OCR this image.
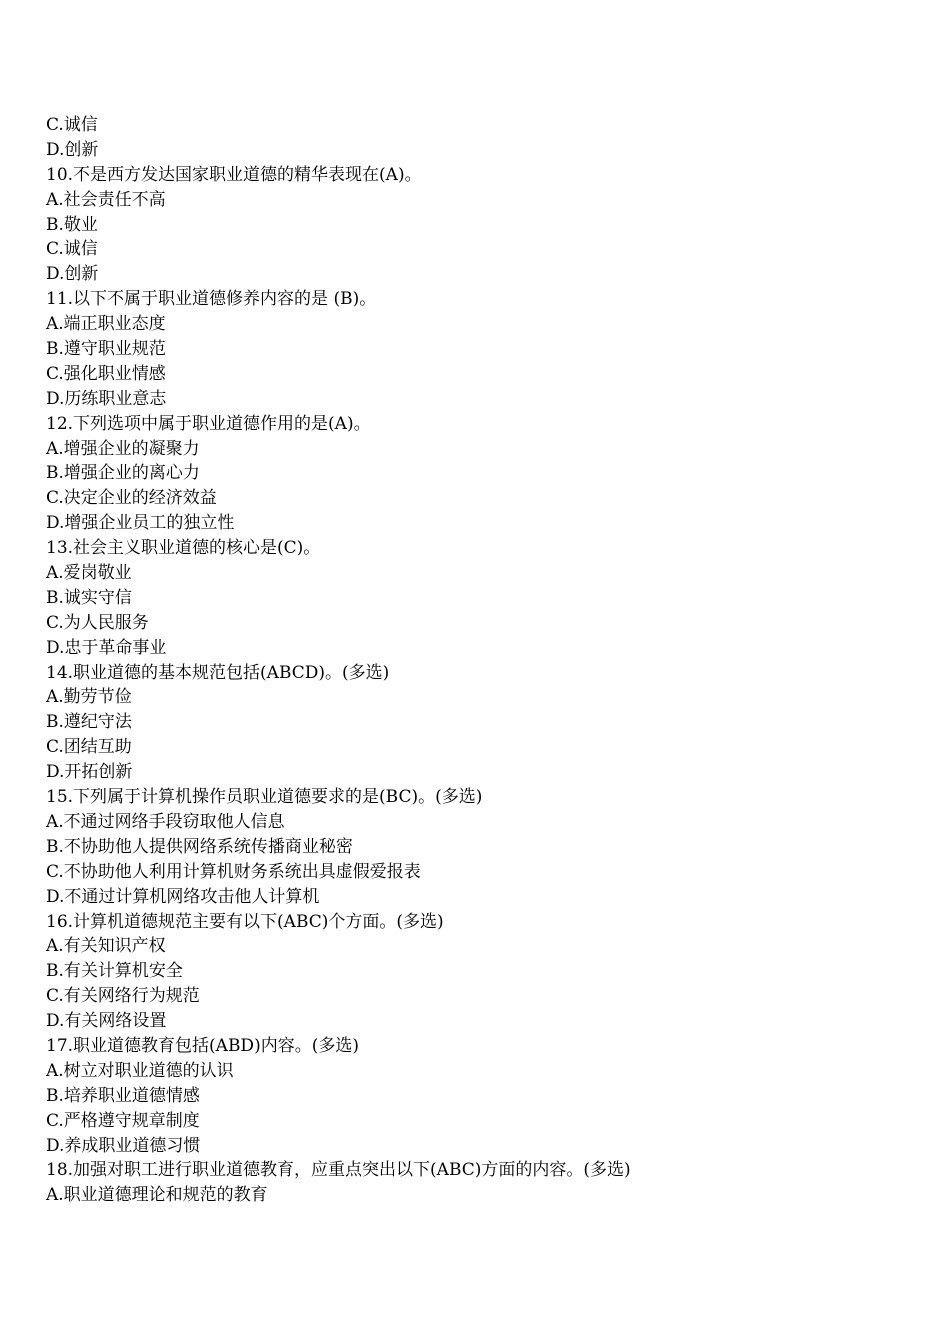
C.诚信
D.创新
10.不是西方发达国家职业道德的精华表现在(A)。
A.社会责任不高
B.敬业
C.诚信
D.创新
11.以下不属于职业道德修养内容的是 (B)。
A.端正职业态度
B.遵守职业规范
C.强化职业情感
D.历练职业意志
12.下列选项中属于职业道德作用的是(A)。
A.增强企业的凝聚力
B.增强企业的离心力
C.决定企业的经济效益
D.增强企业员工的独立性
13.社会主义职业道德的核心是(C)。
A.爱岗敬业
B.诚实守信
C.为人民服务
D.忠于革命事业
14.职业道德的基本规范包括(ABCD)。(多选)
A.勤劳节俭
B.遵纪守法
C.团结互助
D.开拓创新
15.下列属于计算机操作员职业道德要求的是(BC)。(多选)
A.不通过网络手段窃取他人信息
B.不协助他人提供网络系统传播商业秘密
C.不协助他人利用计算机财务系统出具虚假爱报表
D.不通过计算机网络攻击他人计算机
16.计算机道德规范主要有以下(ABC)个方面。(多选)
A.有关知识产权
B.有关计算机安全
C.有关网络行为规范
D.有关网络设置
17.职业道德教育包括(ABD)内容。(多选)
A.树立对职业道德的认识
B.培养职业道德情感
C.严格遵守规章制度
D.养成职业道德习惯
18.加强对职工进行职业道德教育，应重点突出以下(ABC)方面的内容。(多选)
A.职业道德理论和规范的教育
